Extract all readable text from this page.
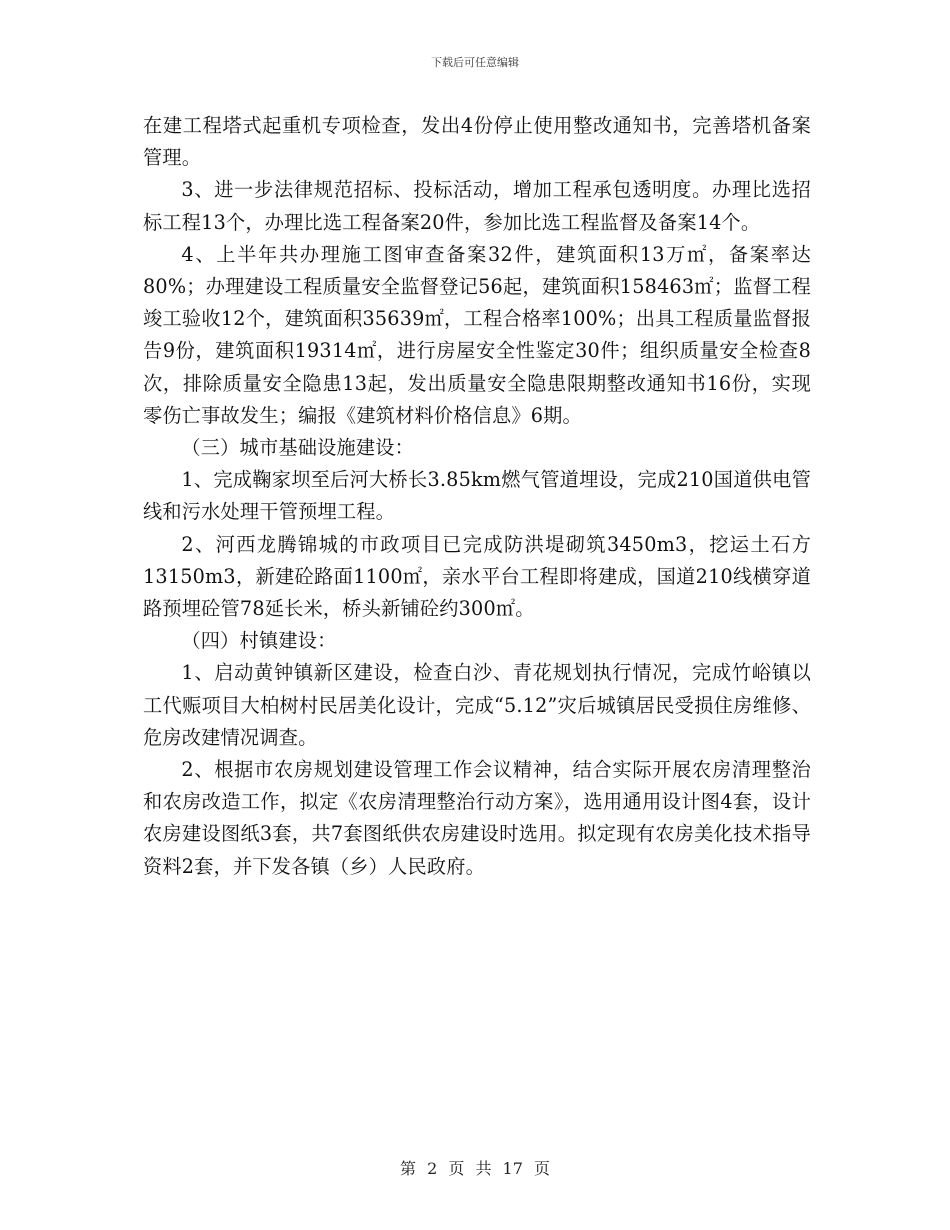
下载后可任意编辑

在建工程塔式起重机专项检查，发出4份停止使用整改通知书，完善塔机备案管理。

3、进一步法律规范招标、投标活动，增加工程承包透明度。办理比选招标工程13个，办理比选工程备案20件，参加比选工程监督及备案14个。

4、上半年共办理施工图审查备案32件，建筑面积13万㎡，备案率达80%；办理建设工程质量安全监督登记56起，建筑面积158463㎡；监督工程竣工验收12个，建筑面积35639㎡，工程合格率100%；出具工程质量监督报告9份，建筑面积19314㎡，进行房屋安全性鉴定30件；组织质量安全检查8次，排除质量安全隐患13起，发出质量安全隐患限期整改通知书16份，实现零伤亡事故发生；编报《建筑材料价格信息》6期。

（三）城市基础设施建设：

1、完成鞠家坝至后河大桥长3.85km燃气管道埋设，完成210国道供电管线和污水处理干管预埋工程。

2、河西龙腾锦城的市政项目已完成防洪堤砌筑3450m3，挖运土石方13150m3，新建砼路面1100㎡，亲水平台工程即将建成，国道210线横穿道路预埋砼管78延长米，桥头新铺砼约300㎡。

（四）村镇建设：

1、启动黄钟镇新区建设，检查白沙、青花规划执行情况，完成竹峪镇以工代赈项目大柏树村民居美化设计，完成“5.12”灾后城镇居民受损住房维修、危房改建情况调查。

2、根据市农房规划建设管理工作会议精神，结合实际开展农房清理整治和农房改造工作，拟定《农房清理整治行动方案》，选用通用设计图4套，设计农房建设图纸3套，共7套图纸供农房建设时选用。拟定现有农房美化技术指导资料2套，并下发各镇（乡）人民政府。

第 2 页 共 17 页
